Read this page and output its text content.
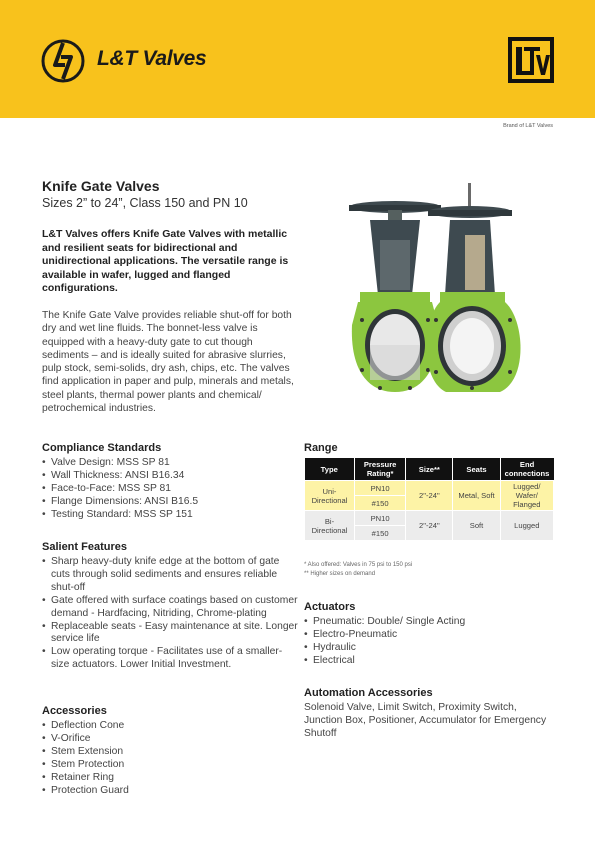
L&T Valves
Brand of L&T Valves
Knife Gate Valves
Sizes 2” to 24”, Class 150 and PN 10
L&T Valves offers Knife Gate Valves with metallic and resilient seats for bidirectional and unidirectional applications. The versatile range is available in wafer, lugged and flanged configurations.
The Knife Gate Valve provides reliable shut-off for both dry and wet line fluids. The bonnet-less valve is equipped with a heavy-duty gate to cut though sediments – and is ideally suited for abrasive slurries, pulp stock, semi-solids, dry ash, chips, etc. The valves find application in paper and pulp, minerals and metals, steel plants, thermal power plants and chemical/ petrochemical industries.
Compliance Standards
• Valve Design: MSS SP 81
• Wall Thickness: ANSI B16.34
• Face-to-Face: MSS SP 81
• Flange Dimensions: ANSI B16.5
• Testing Standard: MSS SP 151
Salient Features
• Sharp heavy-duty knife edge at the bottom of gate cuts through solid sediments and ensures reliable shut-off
• Gate offered with surface coatings based on customer demand - Hardfacing, Nitriding, Chrome-plating
• Replaceable seats - Easy maintenance at site. Longer service life
• Low operating torque - Facilitates use of a smaller-size actuators. Lower Initial Investment.
Accessories
• Deflection Cone
• V-Orifice
• Stem Extension
• Stem Protection
• Retainer Ring
• Protection Guard
Range
Type	Pressure Rating*	Size**	Seats	End connections
Uni-Directional	PN10	2"-24"	Metal, Soft	Lugged/ Wafer/ Flanged
	#150			
Bi-Directional	PN10	2"-24"	Soft	Lugged
	#150			
* Also offered: Valves in 75 psi to 150 psi
** Higher sizes on demand
Actuators
• Pneumatic: Double/ Single Acting
• Electro-Pneumatic
• Hydraulic
• Electrical
Automation Accessories
Solenoid Valve, Limit Switch, Proximity Switch, Junction Box, Positioner, Accumulator for Emergency Shutoff
